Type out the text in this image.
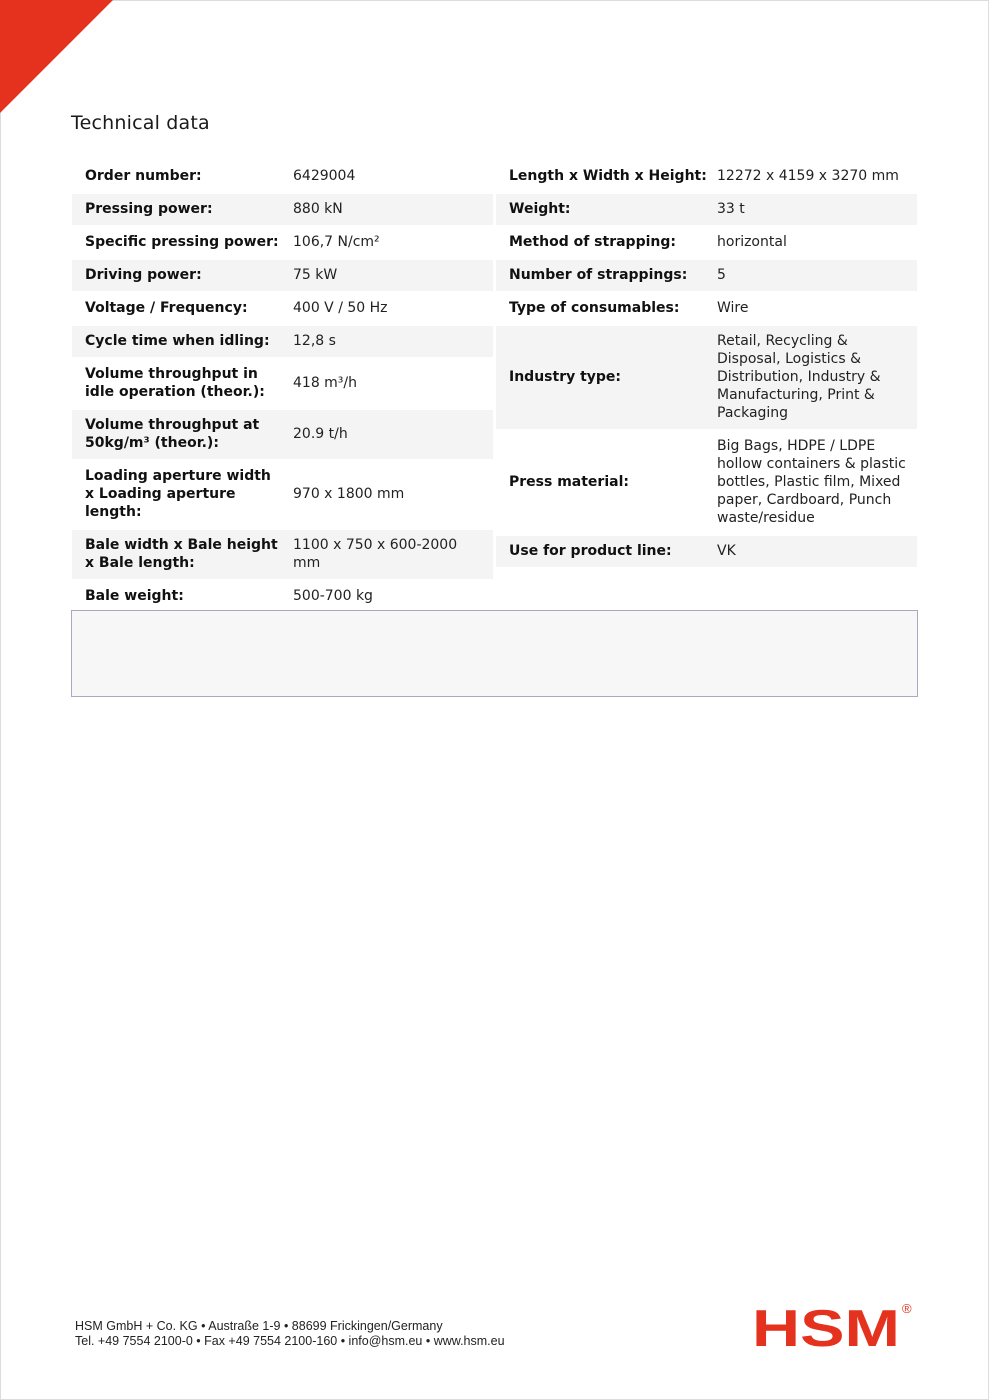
Technical data
Order number:	6429004
Pressing power:	880 kN
Specific pressing power:	106,7 N/cm²
Driving power:	75 kW
Voltage / Frequency:	400 V / 50 Hz
Cycle time when idling:	12,8 s
Volume throughput in idle operation (theor.):	418 m³/h
Volume throughput at 50kg/m³ (theor.):	20.9 t/h
Loading aperture width x Loading aperture length:	970 x 1800 mm
Bale width x Bale height x Bale length:	1100 x 750 x 600-2000 mm
Bale weight:	500-700 kg
Length x Width x Height:	12272 x 4159 x 3270 mm
Weight:	33 t
Method of strapping:	horizontal
Number of strappings:	5
Type of consumables:	Wire
Industry type:	Retail, Recycling & Disposal, Logistics & Distribution, Industry & Manufacturing, Print & Packaging
Press material:	Big Bags, HDPE / LDPE hollow containers & plastic bottles, Plastic film, Mixed paper, Cardboard, Punch waste/residue
Use for product line:	VK
HSM GmbH + Co. KG • Austraße 1-9 • 88699 Frickingen/Germany
Tel. +49 7554 2100-0 • Fax +49 7554 2100-160 • info@hsm.eu • www.hsm.eu	HSM ®
